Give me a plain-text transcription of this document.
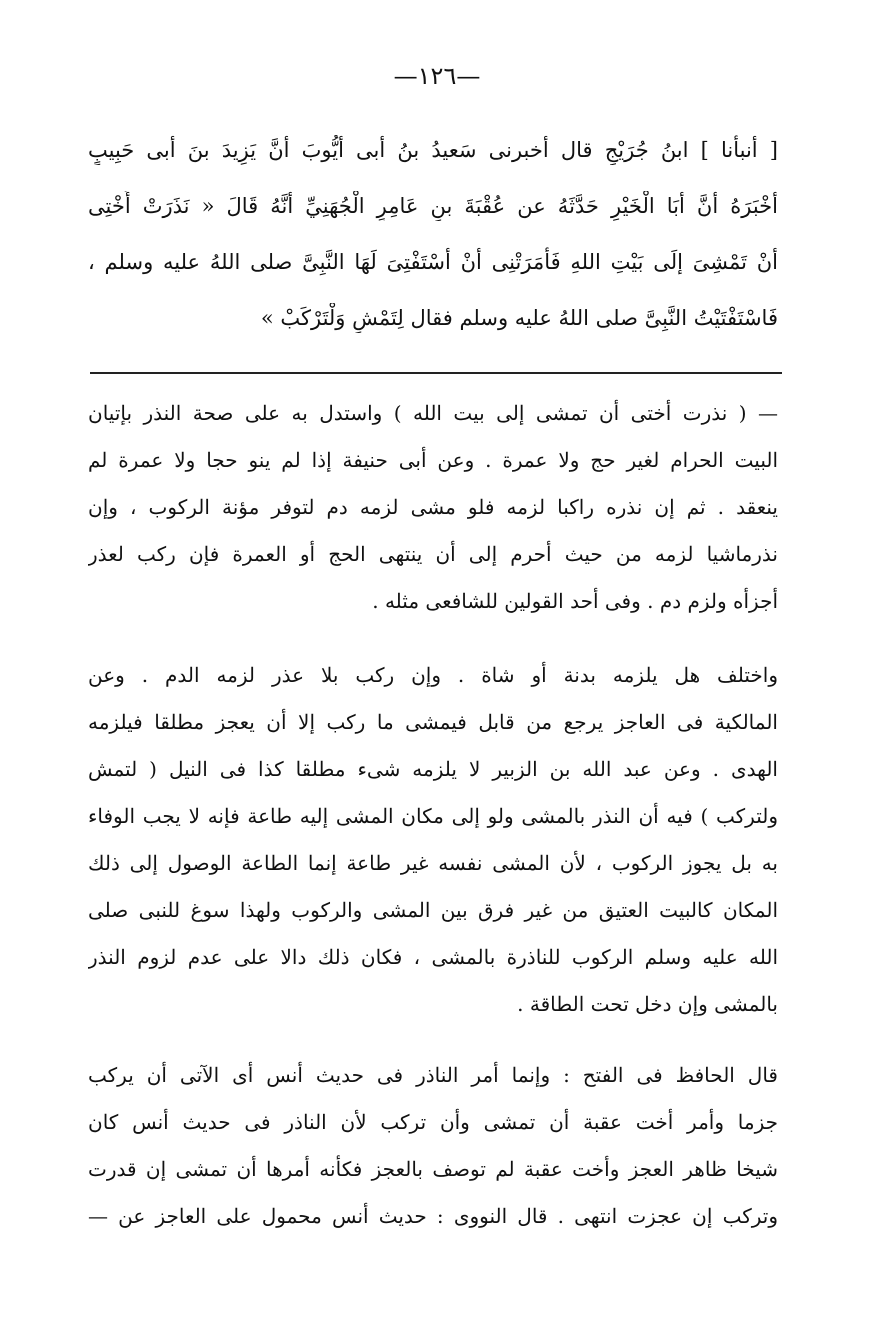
—١٢٦—
[ أنبأنا ] ابنُ جُرَيْجٍ قال أخبرنى سَعيدُ بنُ أبى أيُّوبَ أنَّ يَزِيدَ بنَ أبى حَبِيبٍ
أخْبَرَهُ أنَّ أبَا الْخَيْرِ حَدَّثَهُ عن عُقْبَةَ بنِ عَامِرٍ الْجُهَنِيِّ أنَّهُ قَالَ « نَذَرَتْ أُخْتِى
أنْ تَمْشِىَ إلَى بَيْتِ اللهِ فَأمَرَتْنِى أنْ أسْتَفْتِىَ لَهَا النَّبِىَّ صلى اللهُ عليه وسلم ،
فَاسْتَفْتَيْتُ النَّبِىَّ صلى اللهُ عليه وسلم فقال لِتَمْشِ وَلْتَرْكَبْ »
— ( نذرت أختى أن تمشى إلى بيت الله ) واستدل به على صحة النذر بإتيان
البيت الحرام لغير حج ولا عمرة . وعن أبى حنيفة إذا لم ينو حجا ولا عمرة لم
ينعقد . ثم إن نذره راكبا لزمه فلو مشى لزمه دم لتوفر مؤنة الركوب ، وإن
نذرماشيا لزمه من حيث أحرم إلى أن ينتهى الحج أو العمرة فإن ركب لعذر
أجزأه ولزم دم . وفى أحد القولين للشافعى مثله .
واختلف هل يلزمه بدنة أو شاة . وإن ركب بلا عذر لزمه الدم . وعن
المالكية فى العاجز يرجع من قابل فيمشى ما ركب إلا أن يعجز مطلقا فيلزمه
الهدى . وعن عبد الله بن الزبير لا يلزمه شىء مطلقا كذا فى النيل ( لتمش
ولتركب ) فيه أن النذر بالمشى ولو إلى مكان المشى إليه طاعة فإنه لا يجب الوفاء
به بل يجوز الركوب ، لأن المشى نفسه غير طاعة إنما الطاعة الوصول إلى ذلك
المكان كالبيت العتيق من غير فرق بين المشى والركوب ولهذا سوغ للنبى صلى
الله عليه وسلم الركوب للناذرة بالمشى ، فكان ذلك دالا على عدم لزوم النذر
بالمشى وإن دخل تحت الطاقة .
قال الحافظ فى الفتح : وإنما أمر الناذر فى حديث أنس أى الآتى أن يركب
جزما وأمر أخت عقبة أن تمشى وأن تركب لأن الناذر فى حديث أنس كان
شيخا ظاهر العجز وأخت عقبة لم توصف بالعجز فكأنه أمرها أن تمشى إن قدرت
وتركب إن عجزت انتهى . قال النووى : حديث أنس محمول على العاجز عن —
